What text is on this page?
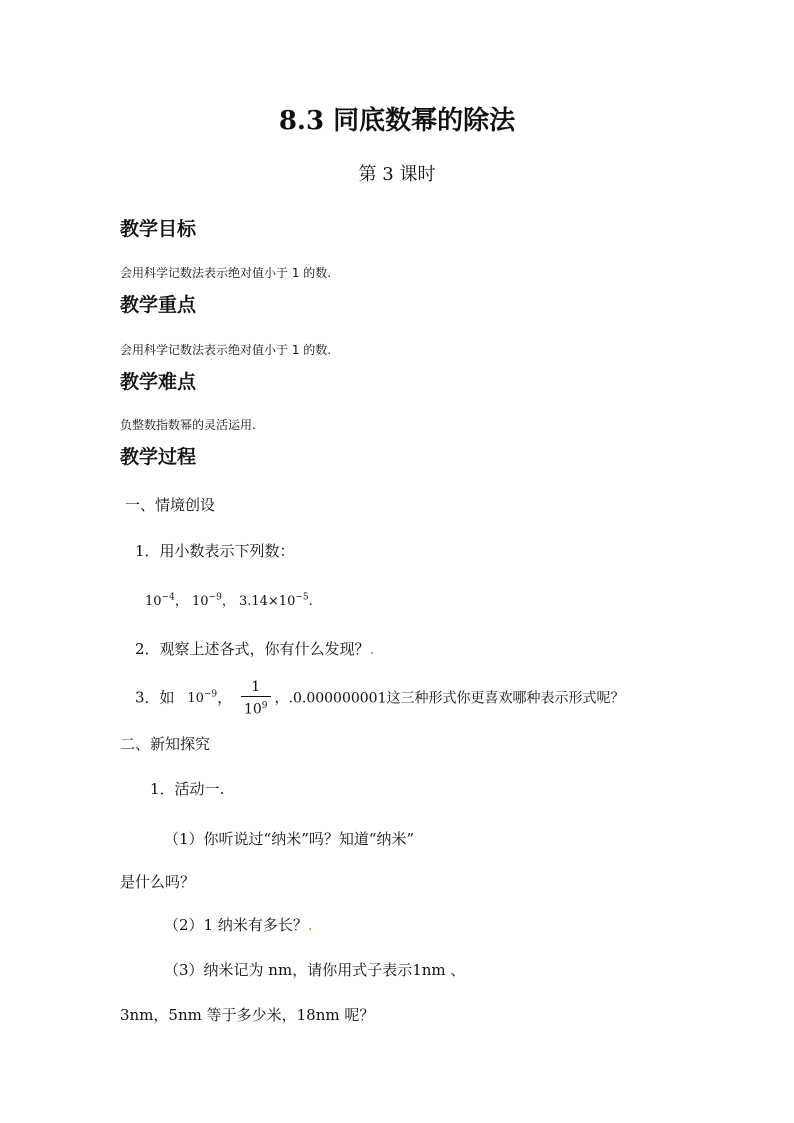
8.3 同底数幂的除法
第 3 课时
教学目标
会用科学记数法表示绝对值小于 1 的数.
教学重点
会用科学记数法表示绝对值小于 1 的数.
教学难点
负整数指数幂的灵活运用.
教学过程
一、情境创设
1．用小数表示下列数：
$10^{-4}$， $10^{-9}$， $3.14\times 10^{-5}$.
2．观察上述各式，你有什么发现？.
3．如 $10^{-9}$， $\frac{1}{10^9}$ ，.0.000000001这三种形式你更喜欢哪种表示形式呢？
二、新知探究
1．活动一.
（1）你听说过“纳米”吗？知道“纳米”
是什么吗？
（2）1 纳米有多长？.
（3）纳米记为 nm，请你用式子表示1nm 、
3nm，5nm 等于多少米，18nm 呢？
